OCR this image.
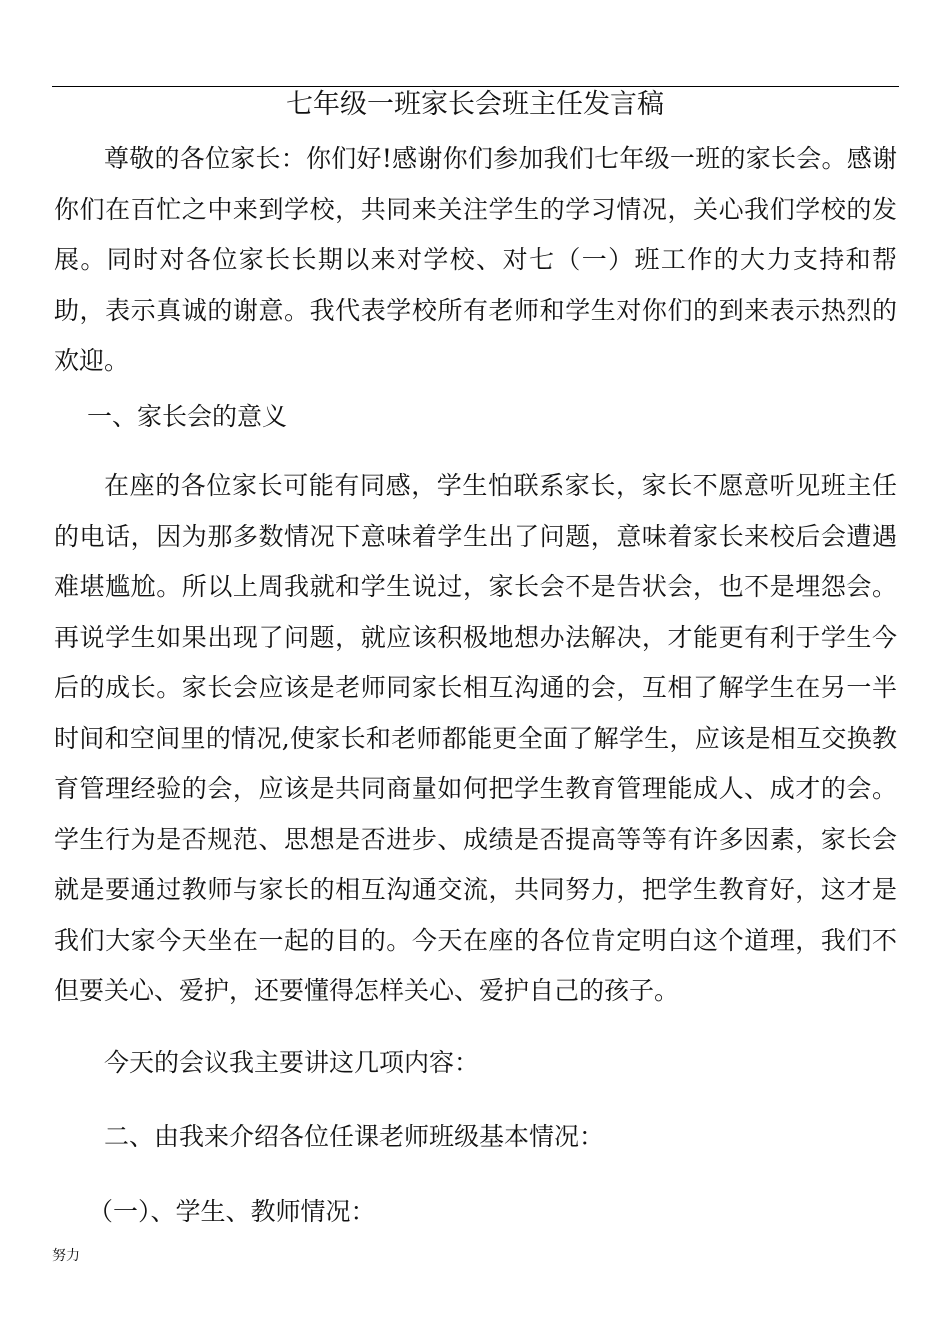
七年级一班家长会班主任发言稿

尊敬的各位家长：你们好!感谢你们参加我们七年级一班的家长会。感谢你们在百忙之中来到学校，共同来关注学生的学习情况，关心我们学校的发展。同时对各位家长长期以来对学校、对七（一）班工作的大力支持和帮助，表示真诚的谢意。我代表学校所有老师和学生对你们的到来表示热烈的欢迎。

一、家长会的意义

在座的各位家长可能有同感，学生怕联系家长，家长不愿意听见班主任的电话，因为那多数情况下意味着学生出了问题，意味着家长来校后会遭遇难堪尴尬。所以上周我就和学生说过，家长会不是告状会，也不是埋怨会。再说学生如果出现了问题，就应该积极地想办法解决，才能更有利于学生今后的成长。家长会应该是老师同家长相互沟通的会，互相了解学生在另一半时间和空间里的情况,使家长和老师都能更全面了解学生，应该是相互交换教育管理经验的会，应该是共同商量如何把学生教育管理能成人、成才的会。学生行为是否规范、思想是否进步、成绩是否提高等等有许多因素，家长会就是要通过教师与家长的相互沟通交流，共同努力，把学生教育好，这才是我们大家今天坐在一起的目的。今天在座的各位肯定明白这个道理，我们不但要关心、爱护，还要懂得怎样关心、爱护自己的孩子。

今天的会议我主要讲这几项内容：

二、由我来介绍各位任课老师班级基本情况：

（一）、学生、教师情况：

努力
